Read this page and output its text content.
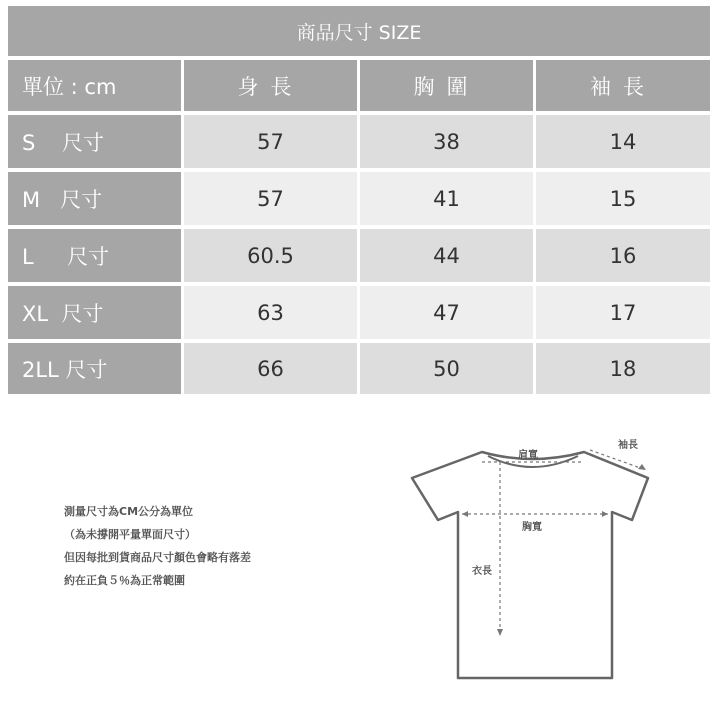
商品尺寸 SIZE
單位 : cm	身長	胸圍	袖長
S    尺寸	57	38	14
M   尺寸	57	41	15
L     尺寸	60.5	44	16
XL  尺寸	63	47	17
2LL 尺寸	66	50	18
測量尺寸為CM公分為單位
（為未撐開平量單面尺寸）
但因每批到貨商品尺寸顏色會略有落差
約在正負５％為正常範圍
肩寬
袖長
胸寬
衣長
